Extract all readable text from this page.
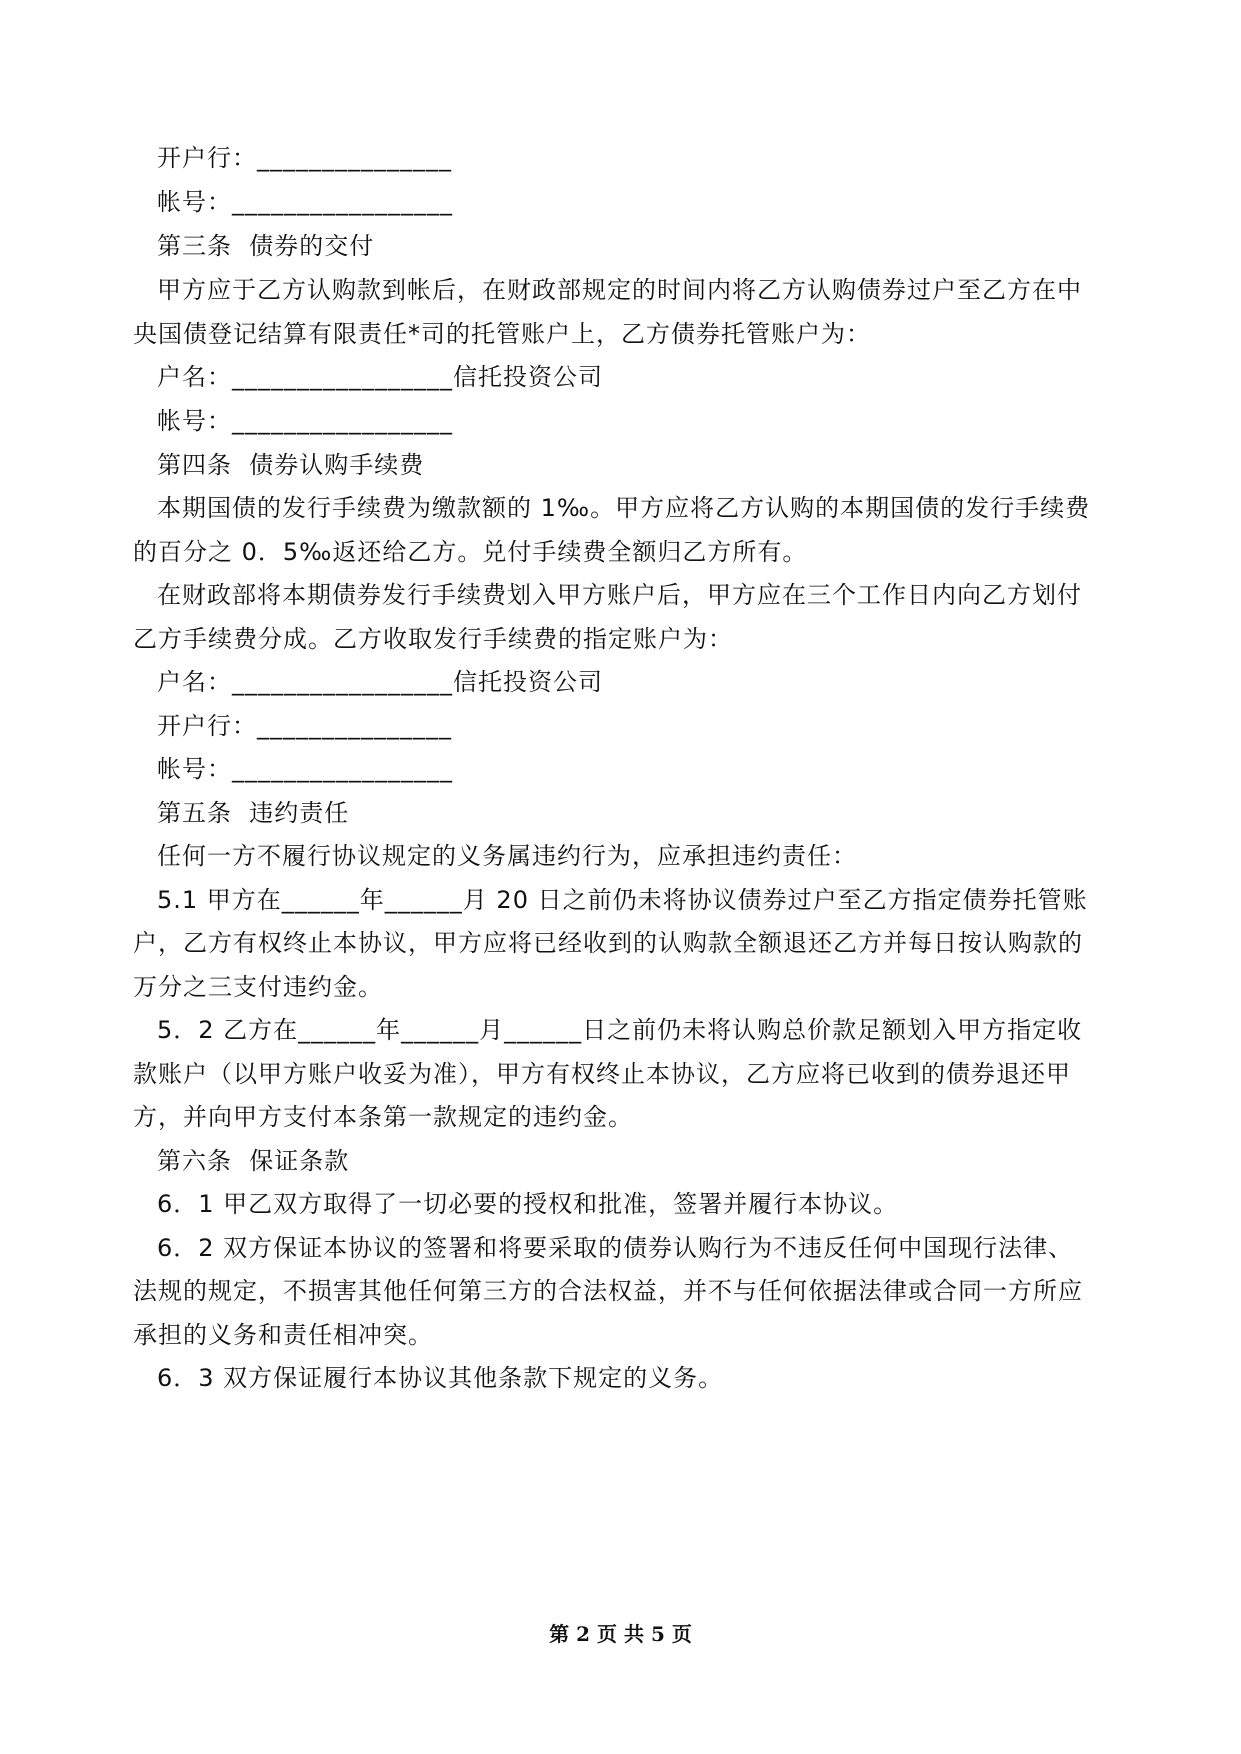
开户行：_______________
帐号：_________________
第三条  债券的交付
甲方应于乙方认购款到帐后，在财政部规定的时间内将乙方认购债券过户至乙方在中
央国债登记结算有限责任*司的托管账户上，乙方债券托管账户为：
户名：_________________信托投资公司
帐号：_________________
第四条  债券认购手续费
本期国债的发行手续费为缴款额的 1‰。甲方应将乙方认购的本期国债的发行手续费
的百分之 0．5‰返还给乙方。兑付手续费全额归乙方所有。
在财政部将本期债券发行手续费划入甲方账户后，甲方应在三个工作日内向乙方划付
乙方手续费分成。乙方收取发行手续费的指定账户为：
户名：_________________信托投资公司
开户行：_______________
帐号：_________________
第五条  违约责任
任何一方不履行协议规定的义务属违约行为，应承担违约责任：
5.1 甲方在______年______月 20 日之前仍未将协议债券过户至乙方指定债券托管账
户，乙方有权终止本协议，甲方应将已经收到的认购款全额退还乙方并每日按认购款的
万分之三支付违约金。
5．2 乙方在______年______月______日之前仍未将认购总价款足额划入甲方指定收
款账户（以甲方账户收妥为准），甲方有权终止本协议，乙方应将已收到的债券退还甲
方，并向甲方支付本条第一款规定的违约金。
第六条  保证条款
6．1 甲乙双方取得了一切必要的授权和批准，签署并履行本协议。
6．2 双方保证本协议的签署和将要采取的债券认购行为不违反任何中国现行法律、
法规的规定，不损害其他任何第三方的合法权益，并不与任何依据法律或合同一方所应
承担的义务和责任相冲突。
6．3 双方保证履行本协议其他条款下规定的义务。
第 2 页 共 5 页
